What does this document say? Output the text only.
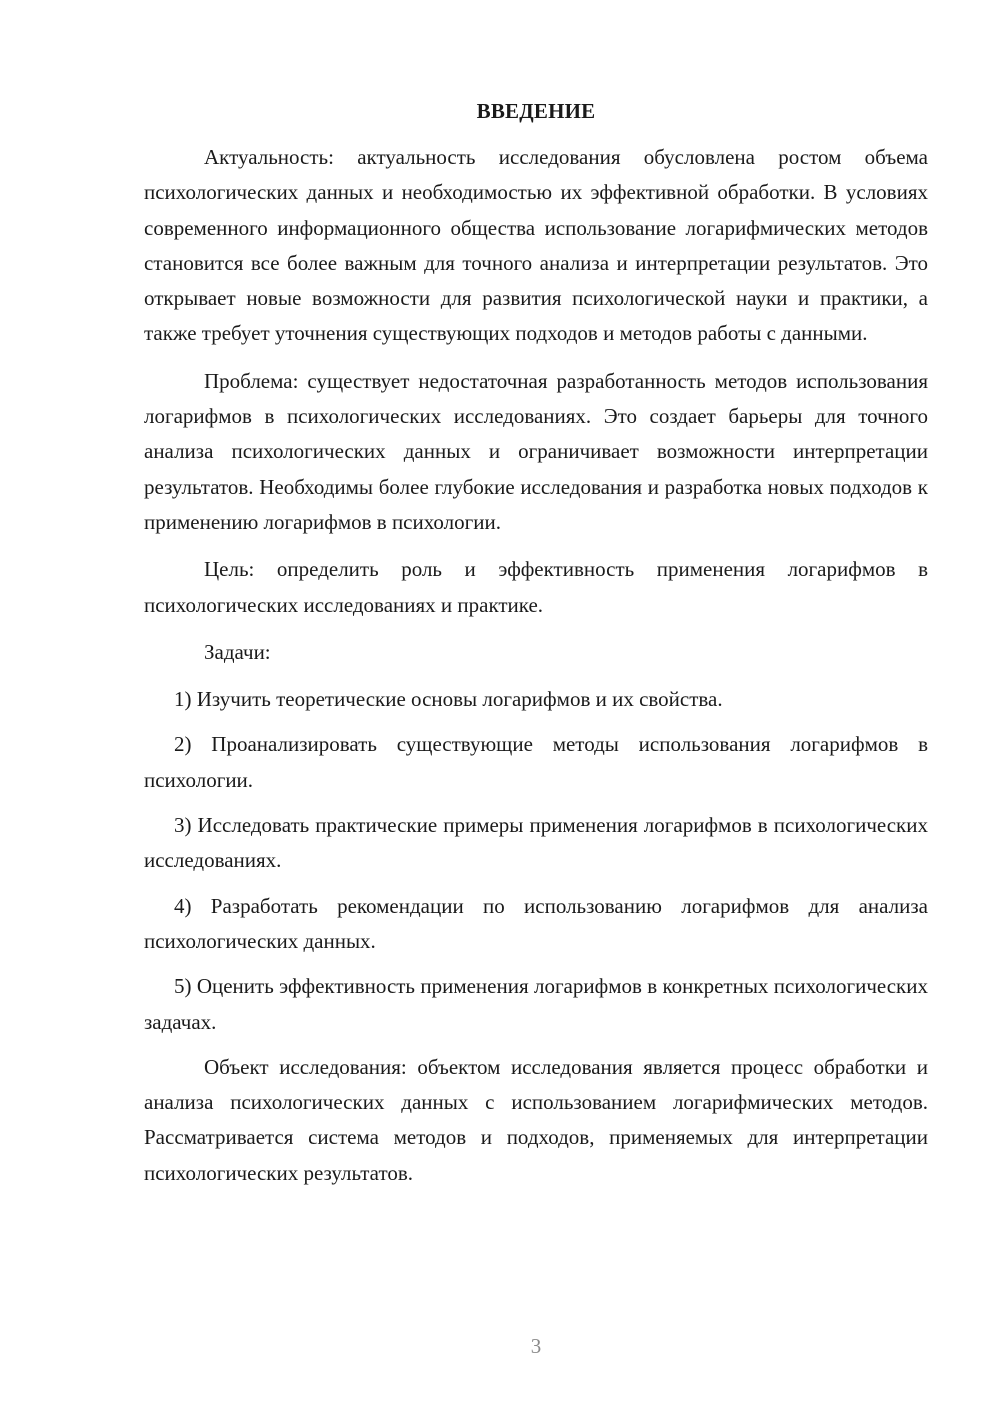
ВВЕДЕНИЕ

Актуальность: актуальность исследования обусловлена ростом объема психологических данных и необходимостью их эффективной обработки. В условиях современного информационного общества использование логарифмических методов становится все более важным для точного анализа и интерпретации результатов. Это открывает новые возможности для развития психологической науки и практики, а также требует уточнения существующих подходов и методов работы с данными.

Проблема: существует недостаточная разработанность методов использования логарифмов в психологических исследованиях. Это создает барьеры для точного анализа психологических данных и ограничивает возможности интерпретации результатов. Необходимы более глубокие исследования и разработка новых подходов к применению логарифмов в психологии.

Цель: определить роль и эффективность применения логарифмов в психологических исследованиях и практике.

Задачи:

1) Изучить теоретические основы логарифмов и их свойства.

2) Проанализировать существующие методы использования логарифмов в психологии.

3) Исследовать практические примеры применения логарифмов в психологических исследованиях.

4) Разработать рекомендации по использованию логарифмов для анализа психологических данных.

5) Оценить эффективность применения логарифмов в конкретных психологических задачах.

Объект исследования: объектом исследования является процесс обработки и анализа психологических данных с использованием логарифмических методов. Рассматривается система методов и подходов, применяемых для интерпретации психологических результатов.

3
